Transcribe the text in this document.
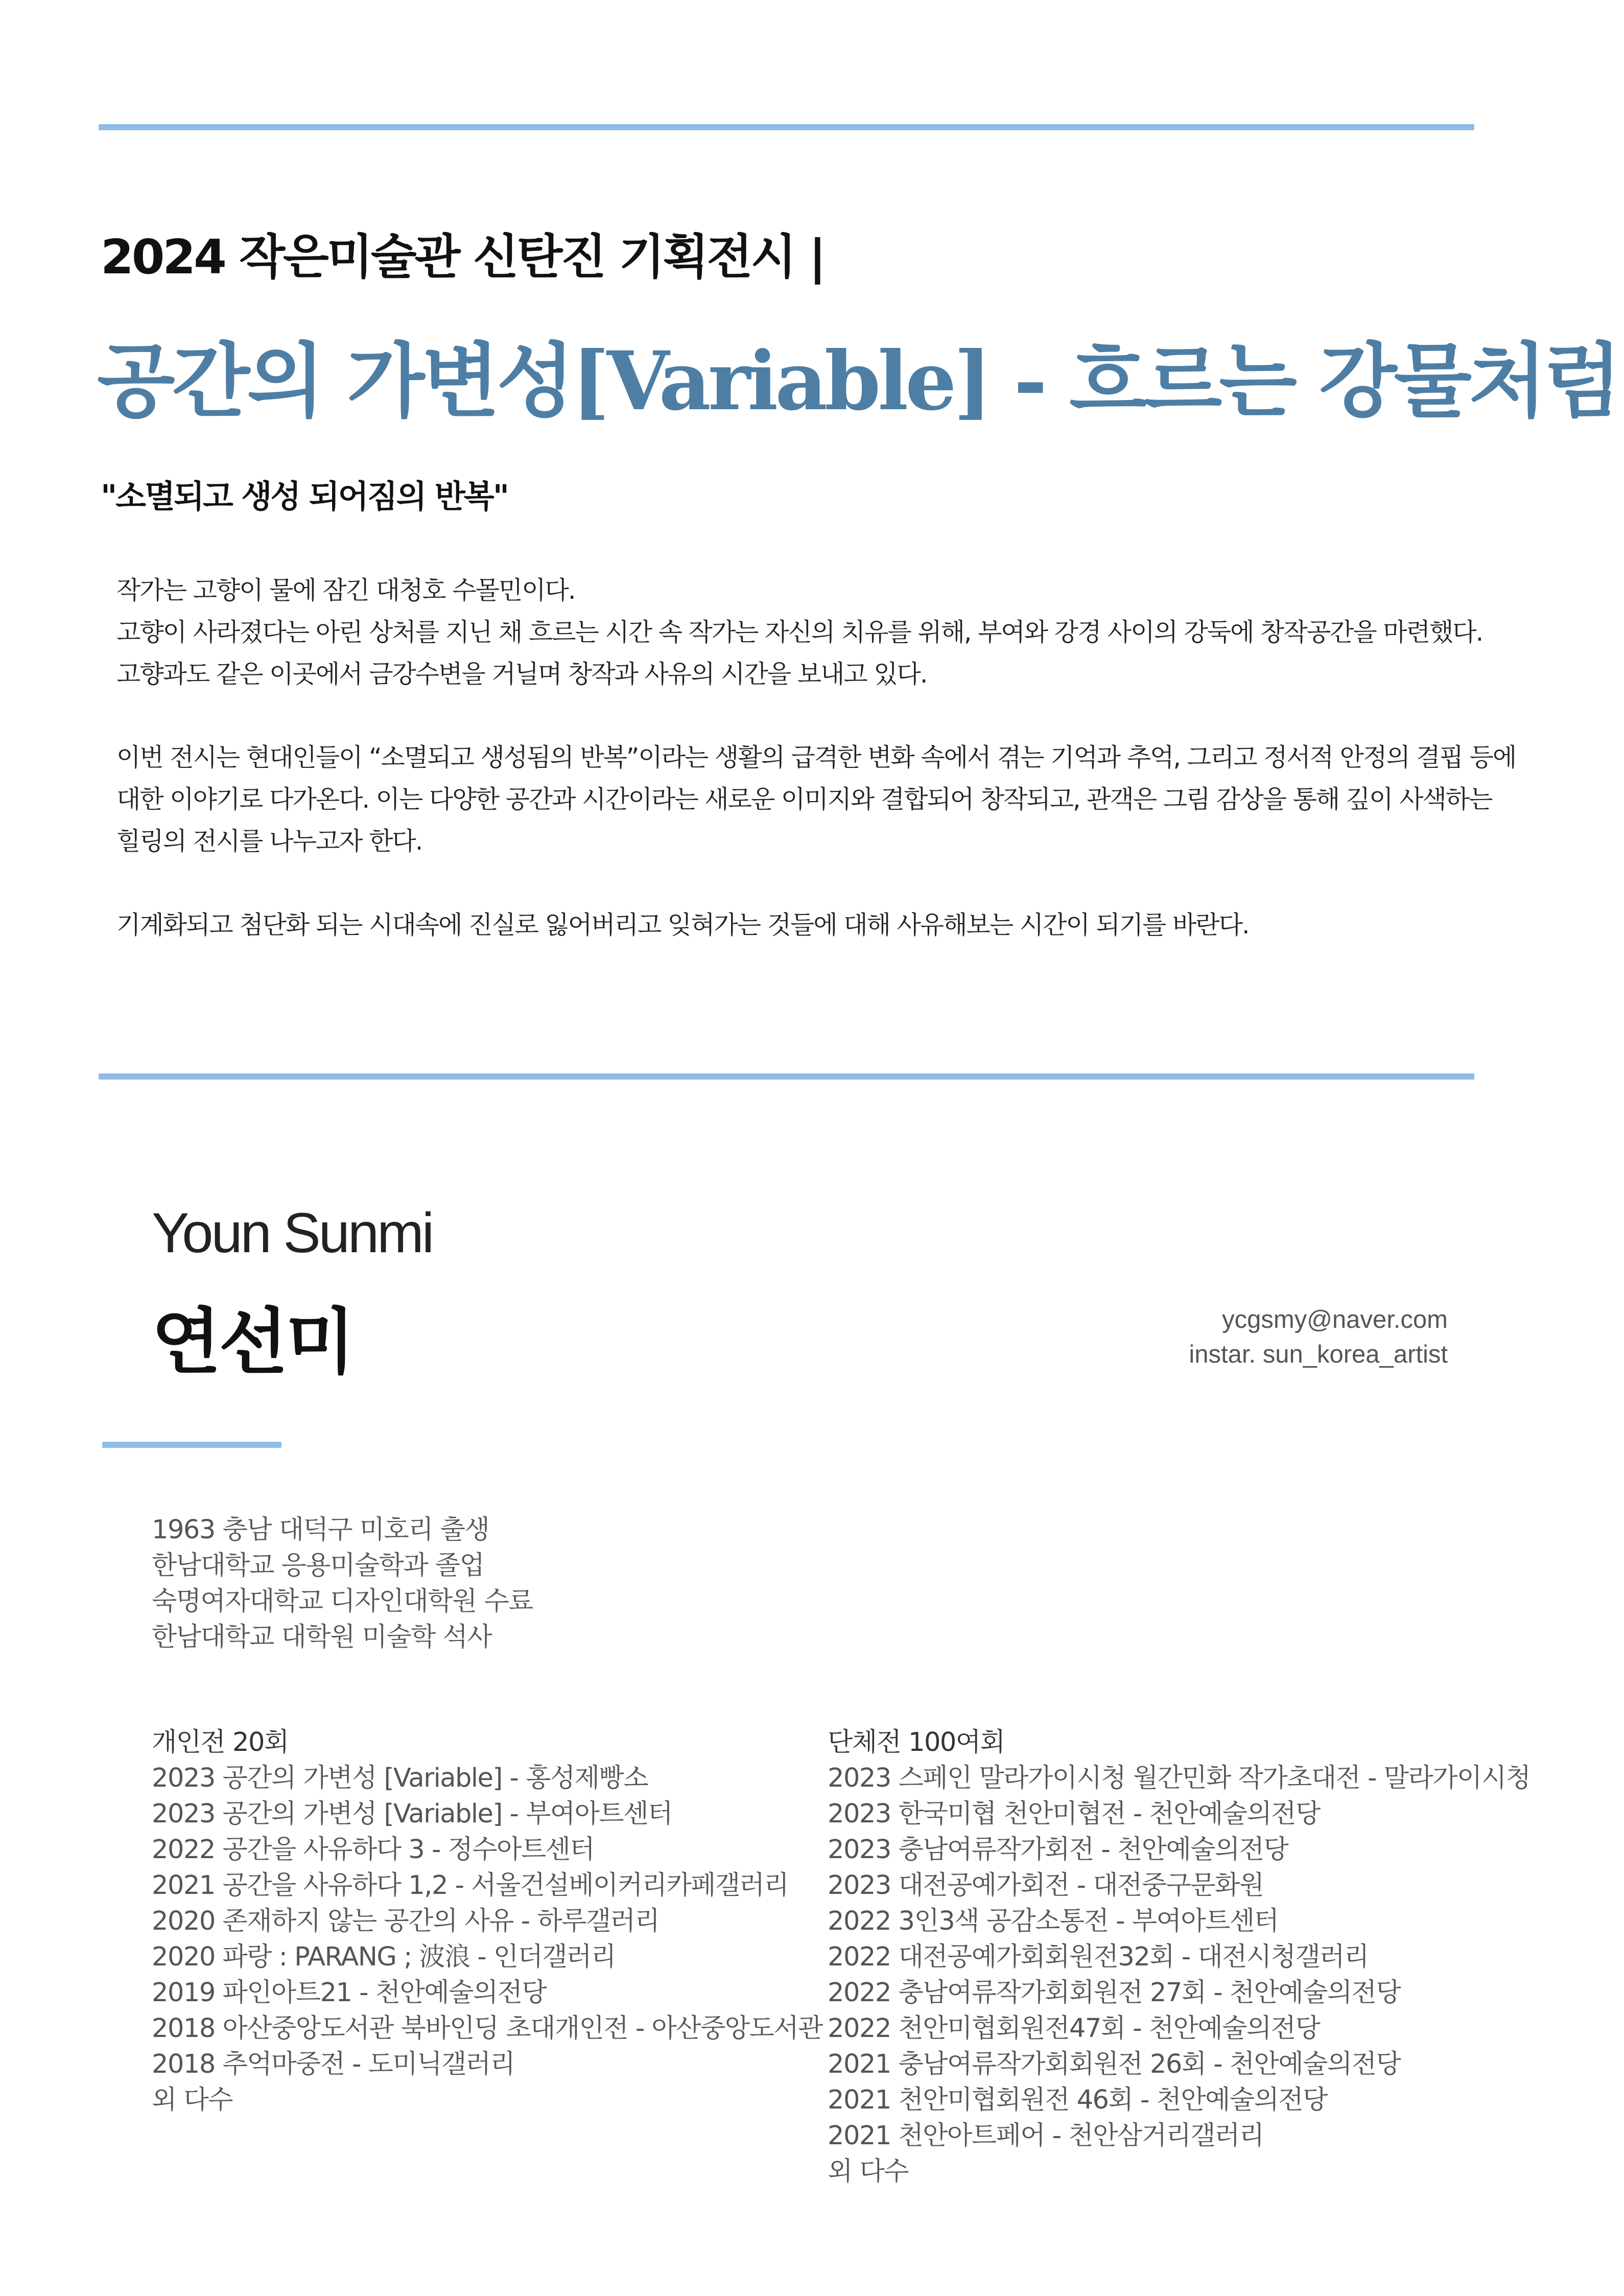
2024 작은미술관 신탄진 기획전시 |
공간의 가변성[Variable] - 흐르는 강물처럼
"소멸되고 생성 되어짐의 반복"
작가는 고향이 물에 잠긴 대청호 수몰민이다.
고향이 사라졌다는 아린 상처를 지닌 채 흐르는 시간 속 작가는 자신의 치유를 위해, 부여와 강경 사이의 강둑에 창작공간을 마련했다.
고향과도 같은 이곳에서 금강수변을 거닐며 창작과 사유의 시간을 보내고 있다.
이번 전시는 현대인들이 “소멸되고 생성됨의 반복”이라는 생활의 급격한 변화 속에서 겪는 기억과 추억, 그리고 정서적 안정의 결핍 등에
대한 이야기로 다가온다. 이는 다양한 공간과 시간이라는 새로운 이미지와 결합되어 창작되고, 관객은 그림 감상을 통해 깊이 사색하는
힐링의 전시를 나누고자 한다.
기계화되고 첨단화 되는 시대속에 진실로 잃어버리고 잊혀가는 것들에 대해 사유해보는 시간이 되기를 바란다.
Youn Sunmi
연선미	ycgsmy@naver.com
instar. sun_korea_artist
1963 충남 대덕구 미호리 출생
한남대학교 응용미술학과 졸업
숙명여자대학교 디자인대학원 수료
한남대학교 대학원 미술학 석사
개인전 20회
2023 공간의 가변성 [Variable] - 홍성제빵소
2023 공간의 가변성 [Variable] - 부여아트센터
2022 공간을 사유하다 3 - 정수아트센터
2021 공간을 사유하다 1,2 - 서울건설베이커리카페갤러리
2020 존재하지 않는 공간의 사유 - 하루갤러리
2020 파랑 : PARANG ; 波浪 - 인더갤러리
2019 파인아트21 - 천안예술의전당
2018 아산중앙도서관 북바인딩 초대개인전 - 아산중앙도서관
2018 추억마중전 - 도미닉갤러리
외 다수
단체전 100여회
2023 스페인 말라가이시청 월간민화 작가초대전 - 말라가이시청
2023 한국미협 천안미협전 - 천안예술의전당
2023 충남여류작가회전 - 천안예술의전당
2023 대전공예가회전 - 대전중구문화원
2022 3인3색 공감소통전 - 부여아트센터
2022 대전공예가회회원전32회 - 대전시청갤러리
2022 충남여류작가회회원전 27회 - 천안예술의전당
2022 천안미협회원전47회 - 천안예술의전당
2021 충남여류작가회회원전 26회 - 천안예술의전당
2021 천안미협회원전 46회 - 천안예술의전당
2021 천안아트페어 - 천안삼거리갤러리
외 다수
